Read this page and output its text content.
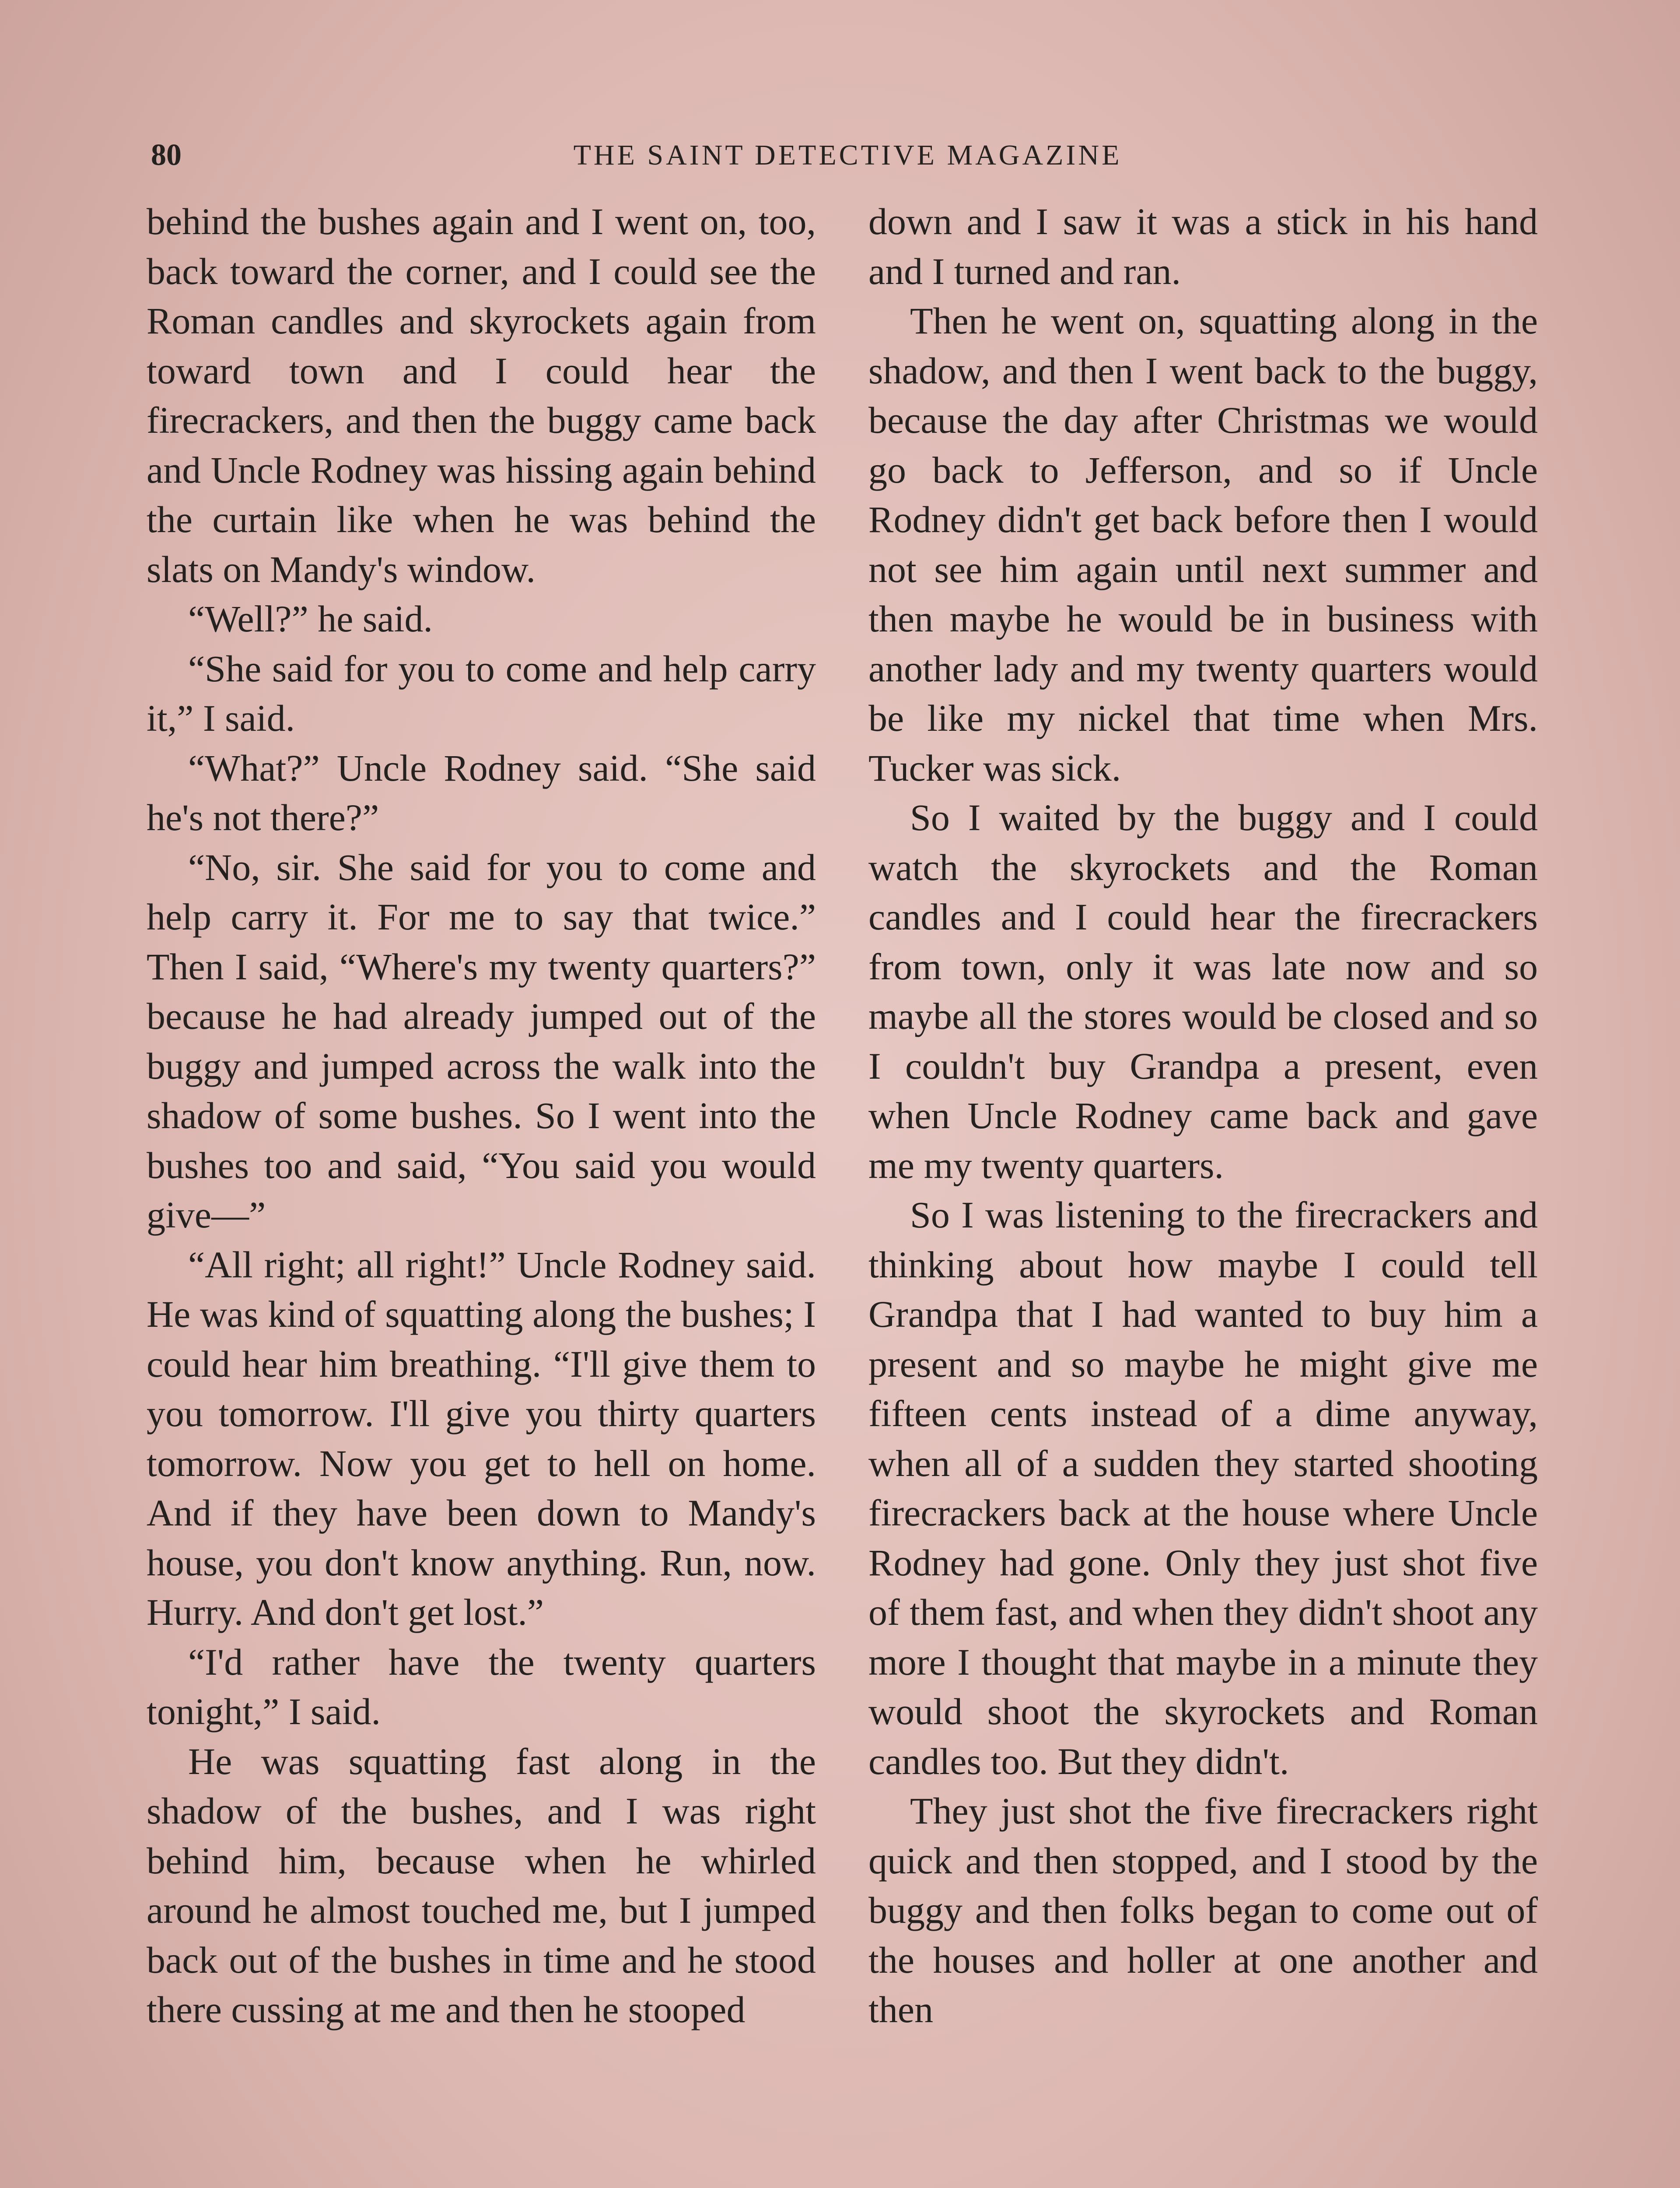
80	THE SAINT DETECTIVE MAGAZINE

behind the bushes again and I went on, too, back toward the corner, and I could see the Roman candles and skyrockets again from toward town and I could hear the firecrackers, and then the buggy came back and Uncle Rodney was hissing again behind the curtain like when he was behind the slats on Mandy's window.

“Well?” he said.

“She said for you to come and help carry it,” I said.

“What?” Uncle Rodney said. “She said he's not there?”

“No, sir. She said for you to come and help carry it. For me to say that twice.” Then I said, “Where's my twenty quarters?” because he had already jumped out of the buggy and jumped across the walk into the shadow of some bushes. So I went into the bushes too and said, “You said you would give—”

“All right; all right!” Uncle Rodney said. He was kind of squatting along the bushes; I could hear him breathing. “I'll give them to you tomorrow. I'll give you thirty quarters tomorrow. Now you get to hell on home. And if they have been down to Mandy's house, you don't know anything. Run, now. Hurry. And don't get lost.”

“I'd rather have the twenty quarters tonight,” I said.

He was squatting fast along in the shadow of the bushes, and I was right behind him, because when he whirled around he almost touched me, but I jumped back out of the bushes in time and he stood there cussing at me and then he stooped

down and I saw it was a stick in his hand and I turned and ran.

Then he went on, squatting along in the shadow, and then I went back to the buggy, because the day after Christmas we would go back to Jefferson, and so if Uncle Rodney didn't get back before then I would not see him again until next summer and then maybe he would be in business with another lady and my twenty quarters would be like my nickel that time when Mrs. Tucker was sick.

So I waited by the buggy and I could watch the skyrockets and the Roman candles and I could hear the firecrackers from town, only it was late now and so maybe all the stores would be closed and so I couldn't buy Grandpa a present, even when Uncle Rodney came back and gave me my twenty quarters.

So I was listening to the firecrackers and thinking about how maybe I could tell Grandpa that I had wanted to buy him a present and so maybe he might give me fifteen cents instead of a dime anyway, when all of a sudden they started shooting firecrackers back at the house where Uncle Rodney had gone. Only they just shot five of them fast, and when they didn't shoot any more I thought that maybe in a minute they would shoot the skyrockets and Roman candles too. But they didn't.

They just shot the five firecrackers right quick and then stopped, and I stood by the buggy and then folks began to come out of the houses and holler at one another and then
